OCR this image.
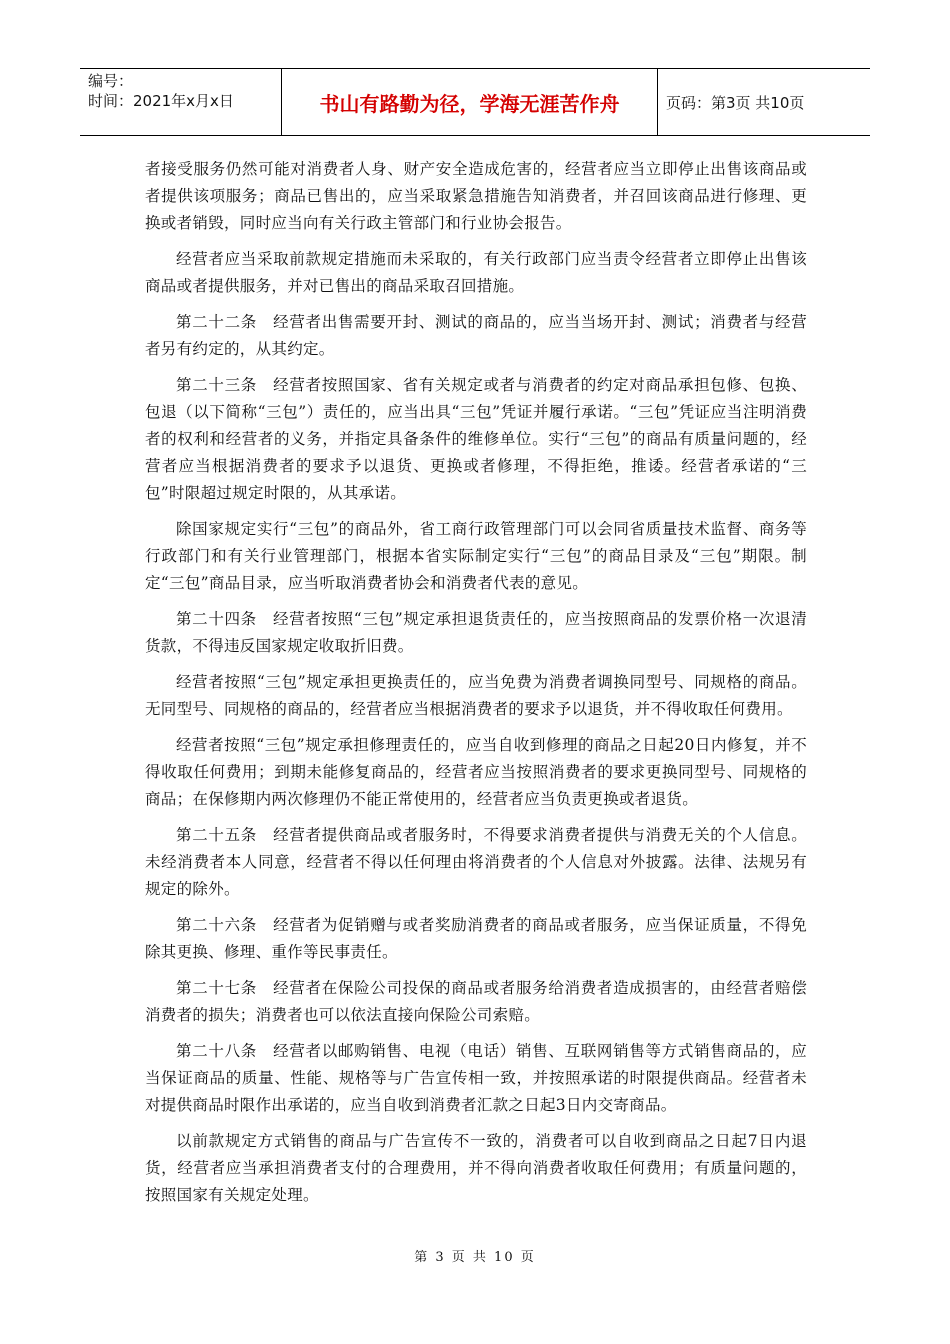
编号：
时间：2021年x月x日	书山有路勤为径，学海无涯苦作舟	页码：第3页 共10页

者接受服务仍然可能对消费者人身、财产安全造成危害的，经营者应当立即停止出售该商品或者提供该项服务；商品已售出的，应当采取紧急措施告知消费者，并召回该商品进行修理、更换或者销毁，同时应当向有关行政主管部门和行业协会报告。

经营者应当采取前款规定措施而未采取的，有关行政部门应当责令经营者立即停止出售该商品或者提供服务，并对已售出的商品采取召回措施。

第二十二条　经营者出售需要开封、测试的商品的，应当当场开封、测试；消费者与经营者另有约定的，从其约定。

第二十三条　经营者按照国家、省有关规定或者与消费者的约定对商品承担包修、包换、包退（以下简称“三包”）责任的，应当出具“三包”凭证并履行承诺。“三包”凭证应当注明消费者的权利和经营者的义务，并指定具备条件的维修单位。实行“三包”的商品有质量问题的，经营者应当根据消费者的要求予以退货、更换或者修理，不得拒绝，推诿。经营者承诺的“三包”时限超过规定时限的，从其承诺。

除国家规定实行“三包”的商品外，省工商行政管理部门可以会同省质量技术监督、商务等行政部门和有关行业管理部门，根据本省实际制定实行“三包”的商品目录及“三包”期限。制定“三包”商品目录，应当听取消费者协会和消费者代表的意见。

第二十四条　经营者按照“三包”规定承担退货责任的，应当按照商品的发票价格一次退清货款，不得违反国家规定收取折旧费。

经营者按照“三包”规定承担更换责任的，应当免费为消费者调换同型号、同规格的商品。无同型号、同规格的商品的，经营者应当根据消费者的要求予以退货，并不得收取任何费用。

经营者按照“三包”规定承担修理责任的，应当自收到修理的商品之日起20日内修复，并不得收取任何费用；到期未能修复商品的，经营者应当按照消费者的要求更换同型号、同规格的商品；在保修期内两次修理仍不能正常使用的，经营者应当负责更换或者退货。

第二十五条　经营者提供商品或者服务时，不得要求消费者提供与消费无关的个人信息。未经消费者本人同意，经营者不得以任何理由将消费者的个人信息对外披露。法律、法规另有规定的除外。

第二十六条　经营者为促销赠与或者奖励消费者的商品或者服务，应当保证质量，不得免除其更换、修理、重作等民事责任。

第二十七条　经营者在保险公司投保的商品或者服务给消费者造成损害的，由经营者赔偿消费者的损失；消费者也可以依法直接向保险公司索赔。

第二十八条　经营者以邮购销售、电视（电话）销售、互联网销售等方式销售商品的，应当保证商品的质量、性能、规格等与广告宣传相一致，并按照承诺的时限提供商品。经营者未对提供商品时限作出承诺的，应当自收到消费者汇款之日起3日内交寄商品。

以前款规定方式销售的商品与广告宣传不一致的，消费者可以自收到商品之日起7日内退货，经营者应当承担消费者支付的合理费用，并不得向消费者收取任何费用；有质量问题的，按照国家有关规定处理。

第 3 页 共 10 页
